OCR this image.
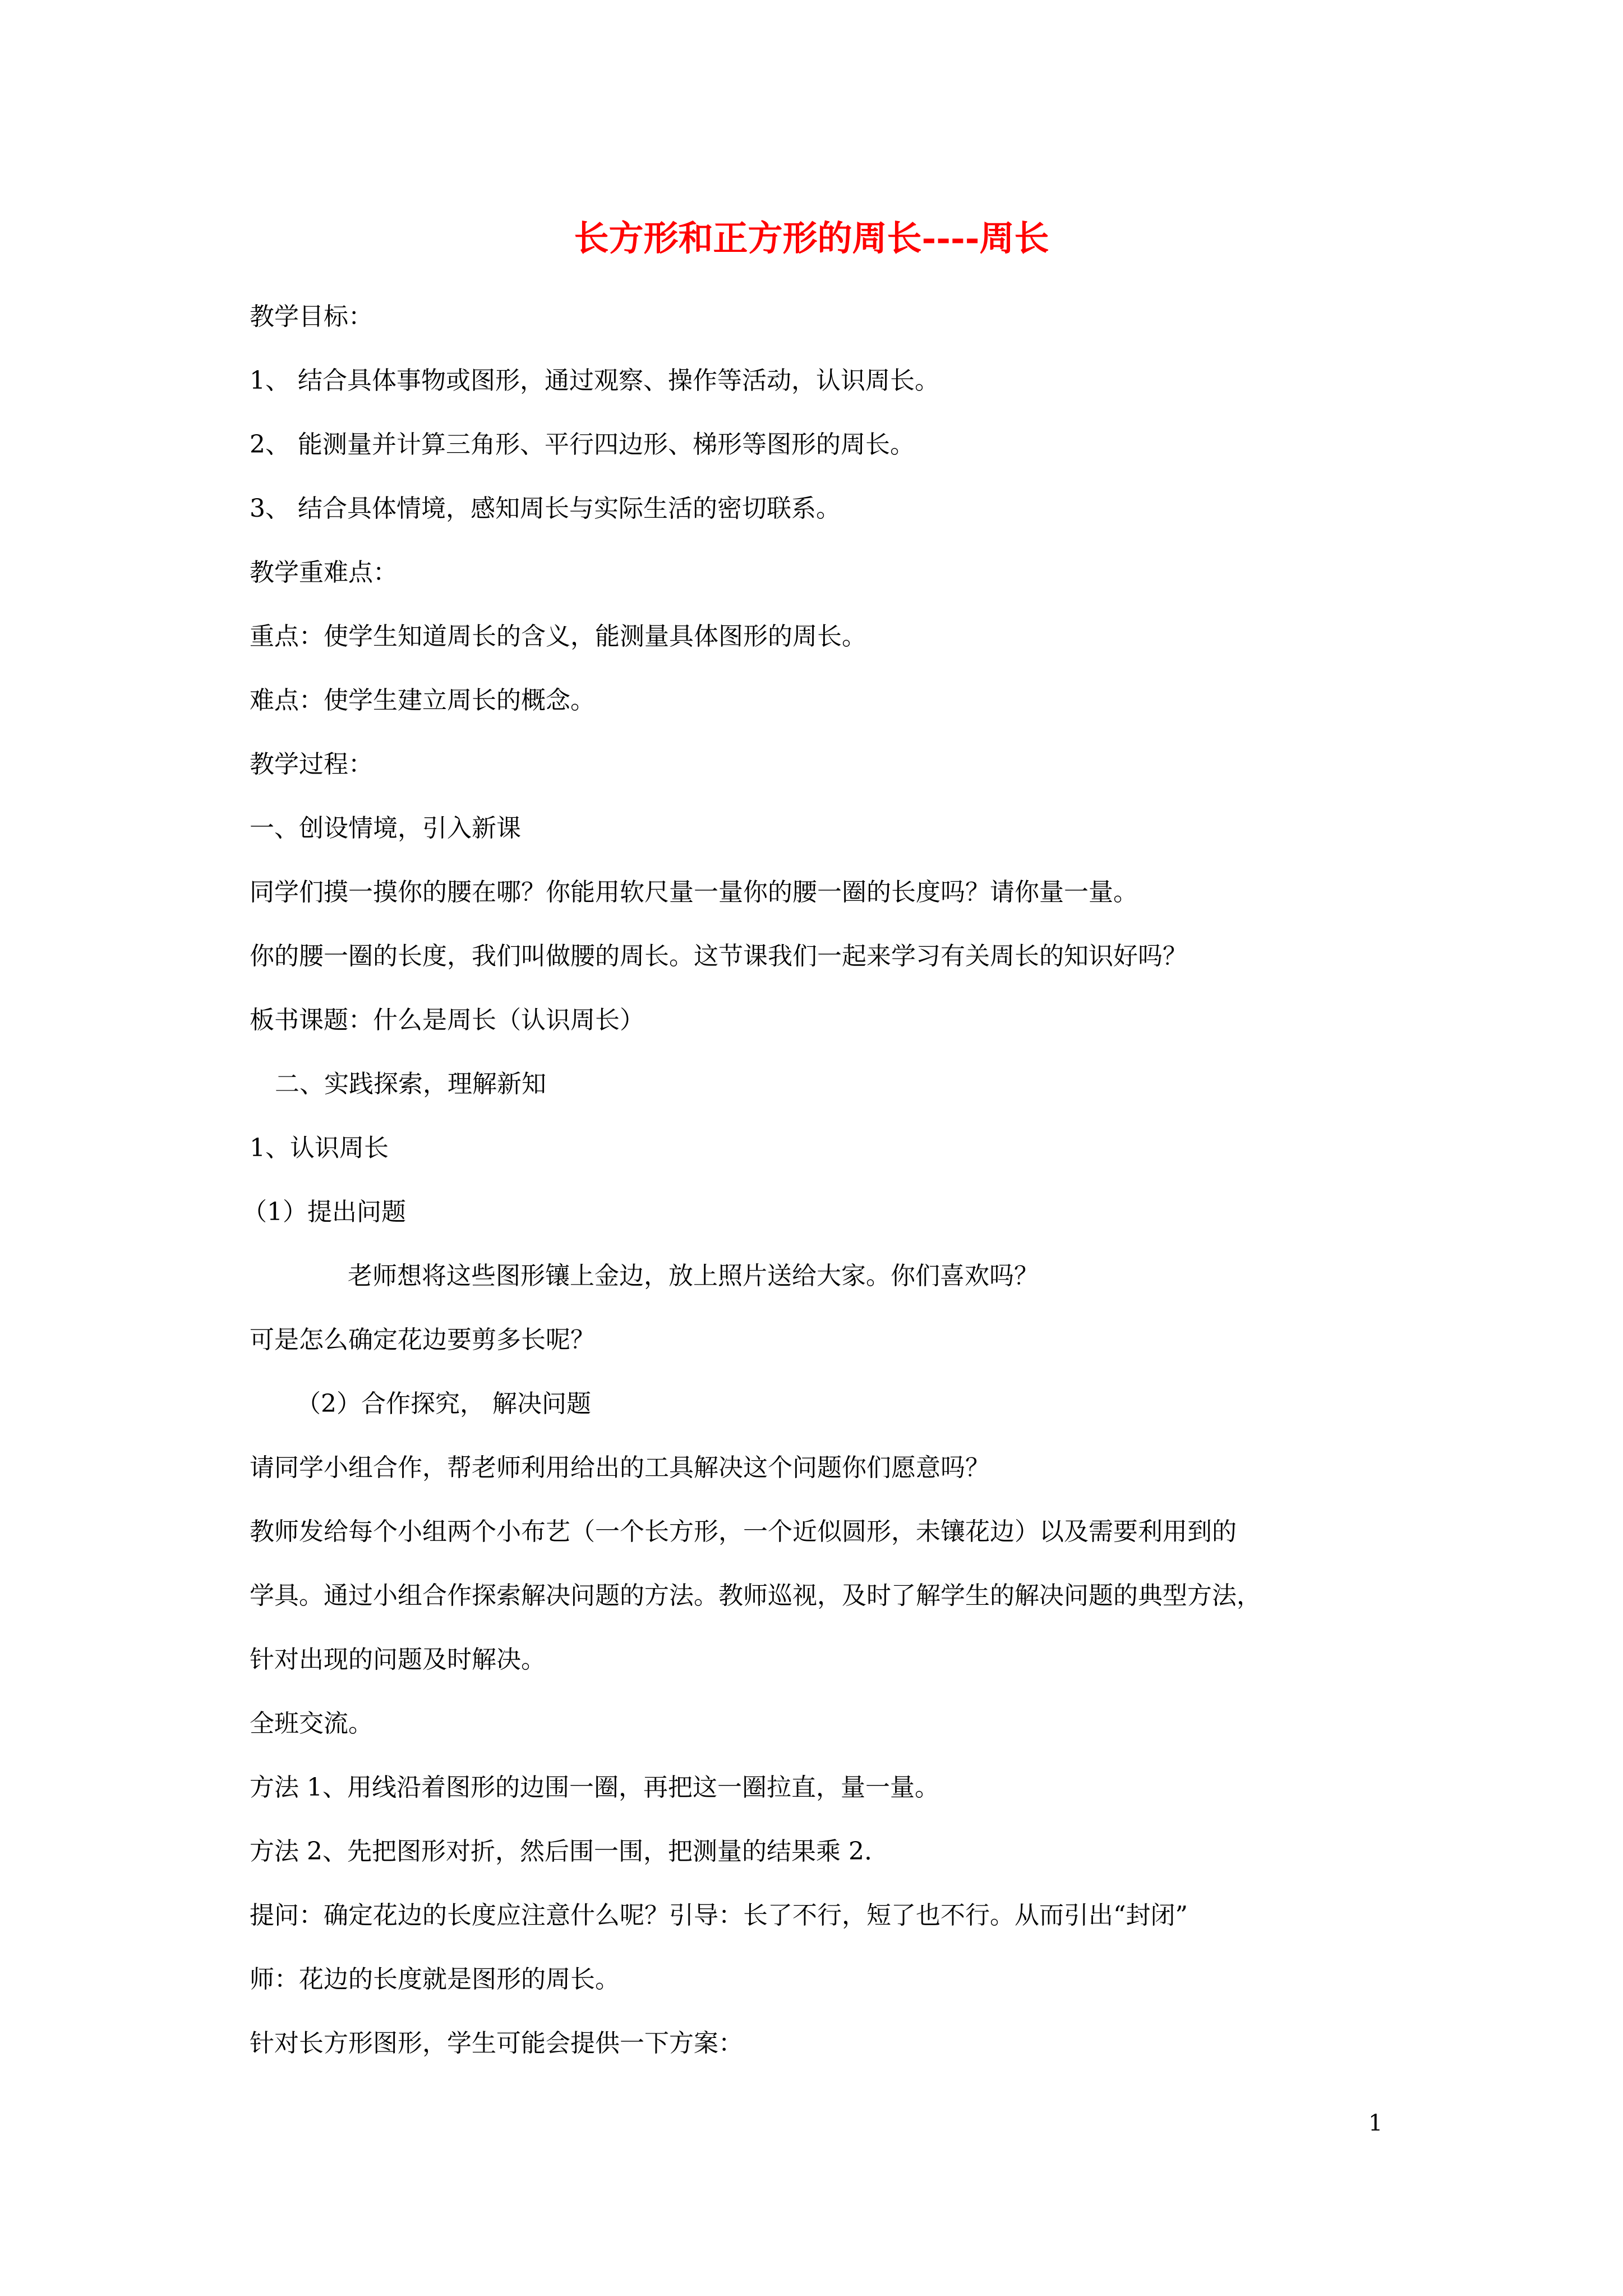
长方形和正方形的周长----周长
教学目标：
1、 结合具体事物或图形，通过观察、操作等活动，认识周长。
2、 能测量并计算三角形、平行四边形、梯形等图形的周长。
3、 结合具体情境，感知周长与实际生活的密切联系。
教学重难点：
重点：使学生知道周长的含义，能测量具体图形的周长。
难点：使学生建立周长的概念。
教学过程：
一、创设情境，引入新课
同学们摸一摸你的腰在哪？你能用软尺量一量你的腰一圈的长度吗？请你量一量。
你的腰一圈的长度，我们叫做腰的周长。这节课我们一起来学习有关周长的知识好吗？
板书课题：什么是周长（认识周长）
二、实践探索，理解新知
1、认识周长
（1）提出问题
老师想将这些图形镶上金边，放上照片送给大家。你们喜欢吗？
可是怎么确定花边要剪多长呢？
（2）合作探究， 解决问题
请同学小组合作，帮老师利用给出的工具解决这个问题你们愿意吗？
教师发给每个小组两个小布艺（一个长方形，一个近似圆形，未镶花边）以及需要利用到的
学具。通过小组合作探索解决问题的方法。教师巡视，及时了解学生的解决问题的典型方法，
针对出现的问题及时解决。
全班交流。
方法 1、用线沿着图形的边围一圈，再把这一圈拉直，量一量。
方法 2、先把图形对折，然后围一围，把测量的结果乘 2.
提问：确定花边的长度应注意什么呢？引导：长了不行，短了也不行。从而引出“封闭”
师：花边的长度就是图形的周长。
针对长方形图形，学生可能会提供一下方案：
1
